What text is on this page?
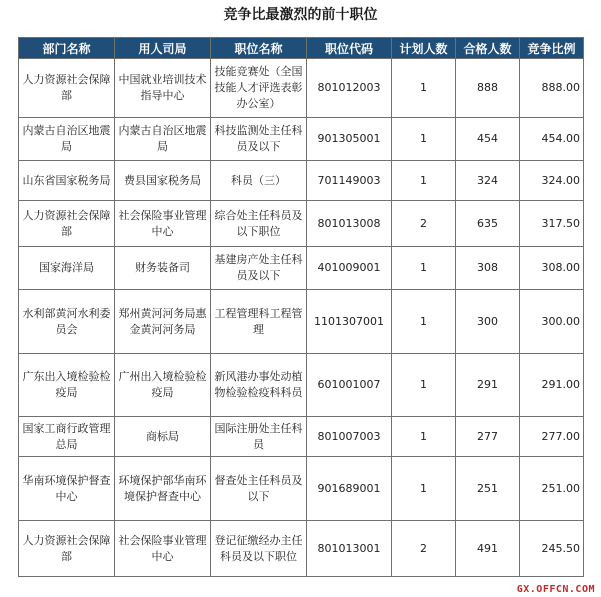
竞争比最激烈的前十职位
部门名称	用人司局	职位名称	职位代码	计划人数	合格人数	竞争比例
人力资源社会保障部	中国就业培训技术指导中心	技能竞赛处（全国技能人才评选表彰办公室）	801012003	1	888	888.00
内蒙古自治区地震局	内蒙古自治区地震局	科技监测处主任科员及以下	901305001	1	454	454.00
山东省国家税务局	费县国家税务局	科员（三）	701149003	1	324	324.00
人力资源社会保障部	社会保险事业管理中心	综合处主任科员及以下职位	801013008	2	635	317.50
国家海洋局	财务装备司	基建房产处主任科员及以下	401009001	1	308	308.00
水利部黄河水利委员会	郑州黄河河务局惠金黄河河务局	工程管理科工程管理	1101307001	1	300	300.00
广东出入境检验检疫局	广州出入境检验检疫局	新风港办事处动植物检验检疫科科员	601001007	1	291	291.00
国家工商行政管理总局	商标局	国际注册处主任科员	801007003	1	277	277.00
华南环境保护督查中心	环境保护部华南环境保护督查中心	督查处主任科员及以下	901689001	1	251	251.00
人力资源社会保障部	社会保险事业管理中心	登记征缴经办主任科员及以下职位	801013001	2	491	245.50
GX.OFFCN.COM
